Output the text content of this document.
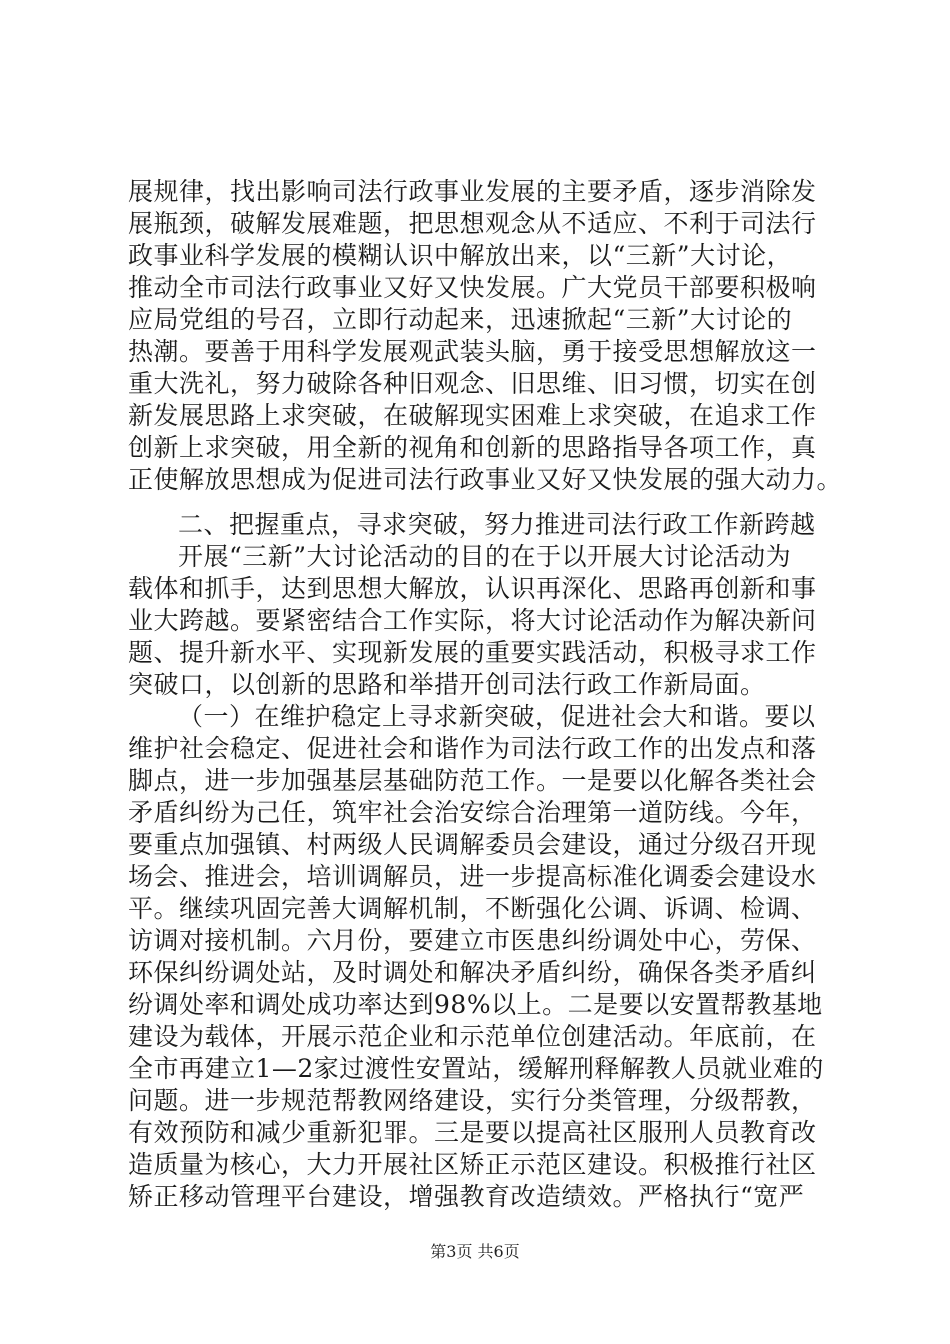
展规律，找出影响司法行政事业发展的主要矛盾，逐步消除发
展瓶颈，破解发展难题，把思想观念从不适应、不利于司法行
政事业科学发展的模糊认识中解放出来，以“三新”大讨论，
推动全市司法行政事业又好又快发展。广大党员干部要积极响
应局党组的号召，立即行动起来，迅速掀起“三新”大讨论的
热潮。要善于用科学发展观武装头脑，勇于接受思想解放这一
重大洗礼，努力破除各种旧观念、旧思维、旧习惯，切实在创
新发展思路上求突破，在破解现实困难上求突破，在追求工作
创新上求突破，用全新的视角和创新的思路指导各项工作，真
正使解放思想成为促进司法行政事业又好又快发展的强大动力。
二、把握重点，寻求突破，努力推进司法行政工作新跨越
开展“三新”大讨论活动的目的在于以开展大讨论活动为
载体和抓手，达到思想大解放，认识再深化、思路再创新和事
业大跨越。要紧密结合工作实际，将大讨论活动作为解决新问
题、提升新水平、实现新发展的重要实践活动，积极寻求工作
突破口，以创新的思路和举措开创司法行政工作新局面。
（一）在维护稳定上寻求新突破，促进社会大和谐。要以
维护社会稳定、促进社会和谐作为司法行政工作的出发点和落
脚点，进一步加强基层基础防范工作。一是要以化解各类社会
矛盾纠纷为己任，筑牢社会治安综合治理第一道防线。今年，
要重点加强镇、村两级人民调解委员会建设，通过分级召开现
场会、推进会，培训调解员，进一步提高标准化调委会建设水
平。继续巩固完善大调解机制，不断强化公调、诉调、检调、
访调对接机制。六月份，要建立市医患纠纷调处中心，劳保、
环保纠纷调处站，及时调处和解决矛盾纠纷，确保各类矛盾纠
纷调处率和调处成功率达到98%以上。二是要以安置帮教基地
建设为载体，开展示范企业和示范单位创建活动。年底前，在
全市再建立1—2家过渡性安置站，缓解刑释解教人员就业难的
问题。进一步规范帮教网络建设，实行分类管理，分级帮教，
有效预防和减少重新犯罪。三是要以提高社区服刑人员教育改
造质量为核心，大力开展社区矫正示范区建设。积极推行社区
矫正移动管理平台建设，增强教育改造绩效。严格执行“宽严
第3页 共6页
